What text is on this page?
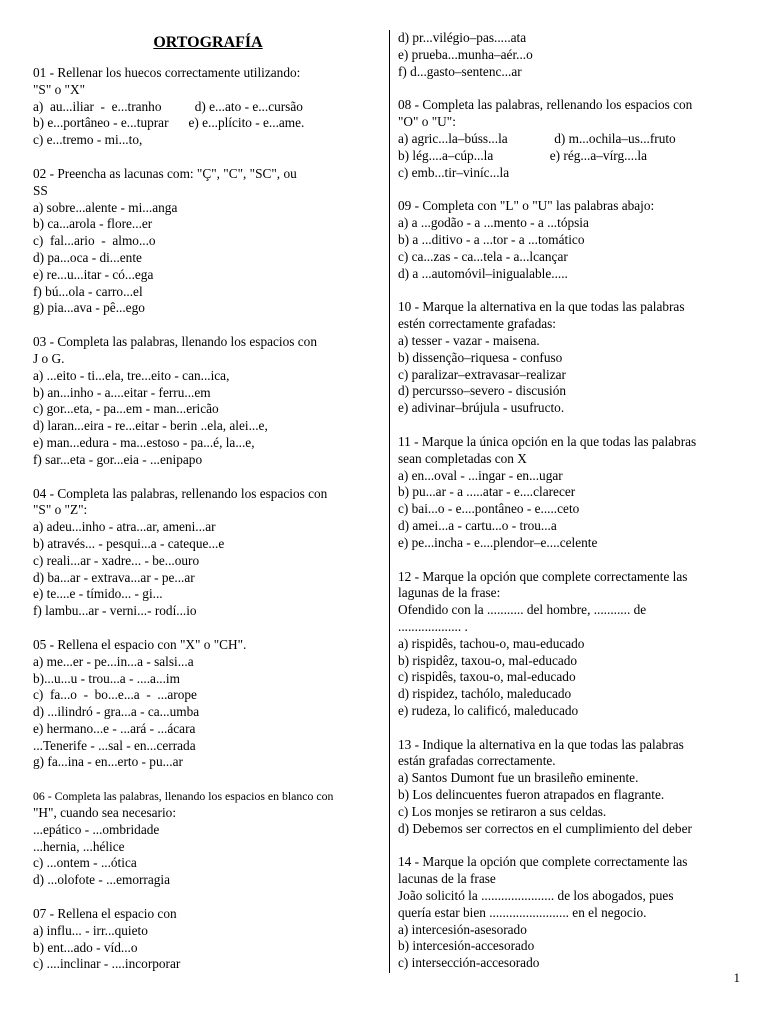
ORTOGRAFÍA
01 - Rellenar los huecos correctamente utilizando:
"S" o "X"
a)  au...iliar  -  e...tranho          d) e...ato - e...cursão
b) e...portâneo - e...tuprar      e) e...plícito - e...ame.
c) e...tremo - mi...to,
02 - Preencha as lacunas com: "Ç", "C", "SC", ou
SS
a) sobre...alente - mi...anga
b) ca...arola - flore...er
c)  fal...ario  -  almo...o
d) pa...oca - di...ente
e) re...u...itar - có...ega
f) bú...ola - carro...el
g) pia...ava - pê...ego
03 - Completa las palabras, llenando los espacios con
J o G.
a) ...eito - ti...ela, tre...eito - can...ica,
b) an...inho - a....eitar - ferru...em
c) gor...eta, - pa...em - man...ericão
d) laran...eira - re...eitar - berin ..ela, alei...e,
e) man...edura - ma...estoso - pa...é, la...e,
f) sar...eta - gor...eia - ...enipapo
04 - Completa las palabras, rellenando los espacios con
"S" o "Z":
a) adeu...inho - atra...ar, ameni...ar
b) através... - pesqui...a - cateque...e
c) reali...ar - xadre... - be...ouro
d) ba...ar - extrava...ar - pe...ar
e) te....e - tímido... - gi...
f) lambu...ar - verni...- rodí...io
05 - Rellena el espacio con "X" o "CH".
a) me...er - pe...in...a - salsi...a
b)...u...u - trou...a - ....a...im
c)  fa...o  -  bo...e...a  -  ...arope
d) ...ilindró - gra...a - ca...umba
e) hermano...e - ...ará - ...ácara
...Tenerife - ...sal - en...cerrada
g) fa...ina - en...erto - pu...ar
06 - Completa las palabras, llenando los espacios en blanco con
"H", cuando sea necesario:
...epático - ...ombridade
...hernia, ...hélice
c) ...ontem - ...ótica
d) ...olofote - ...emorragia
07 - Rellena el espacio con
a) influ... - irr...quieto
b) ent...ado - víd...o
c) ....inclinar - ....incorporar
d) pr...vilégio–pas.....ata
e) prueba...munha–aér...o
f) d...gasto–sentenc...ar
08 - Completa las palabras, rellenando los espacios con
"O" o "U":
a) agric...la–búss...la              d) m...ochila–us...fruto
b) lég....a–cúp...la                 e) rég...a–vírg....la
c) emb...tir–viníc...la
09 - Completa con "L" o "U" las palabras abajo:
a) a ...godão - a ...mento - a ...tópsia
b) a ...ditivo - a ...tor - a ...tomático
c) ca...zas - ca...tela - a...lcançar
d) a ...automóvil–inigualable.....
10 - Marque la alternativa en la que todas las palabras
estén correctamente grafadas:
a) tesser - vazar - maisena.
b) dissenção–riquesa - confuso
c) paralizar–extravasar–realizar
d) percursso–severo - discusión
e) adivinar–brújula - usufructo.
11 - Marque la única opción en la que todas las palabras
sean completadas con X
a) en...oval - ...ingar - en...ugar
b) pu...ar - a .....atar - e....clarecer
c) bai...o - e....pontâneo - e.....ceto
d) amei...a - cartu...o - trou...a
e) pe...incha - e....plendor–e....celente
12 - Marque la opción que complete correctamente las
lagunas de la frase:
Ofendido con la ........... del hombre, ........... de
................... .
a) rispidês, tachou-o, mau-educado
b) rispidêz, taxou-o, mal-educado
c) rispidês, taxou-o, mal-educado
d) rispidez, tachólo, maleducado
e) rudeza, lo calificó, maleducado
13 - Indique la alternativa en la que todas las palabras
están grafadas correctamente.
a) Santos Dumont fue un brasileño eminente.
b) Los delincuentes fueron atrapados en flagrante.
c) Los monjes se retiraron a sus celdas.
d) Debemos ser correctos en el cumplimiento del deber
14 - Marque la opción que complete correctamente las
lacunas de la frase
João solicitó la ...................... de los abogados, pues
quería estar bien ........................ en el negocio.
a) intercesión-asesorado
b) intercesión-accesorado
c) intersección-accesorado
1
